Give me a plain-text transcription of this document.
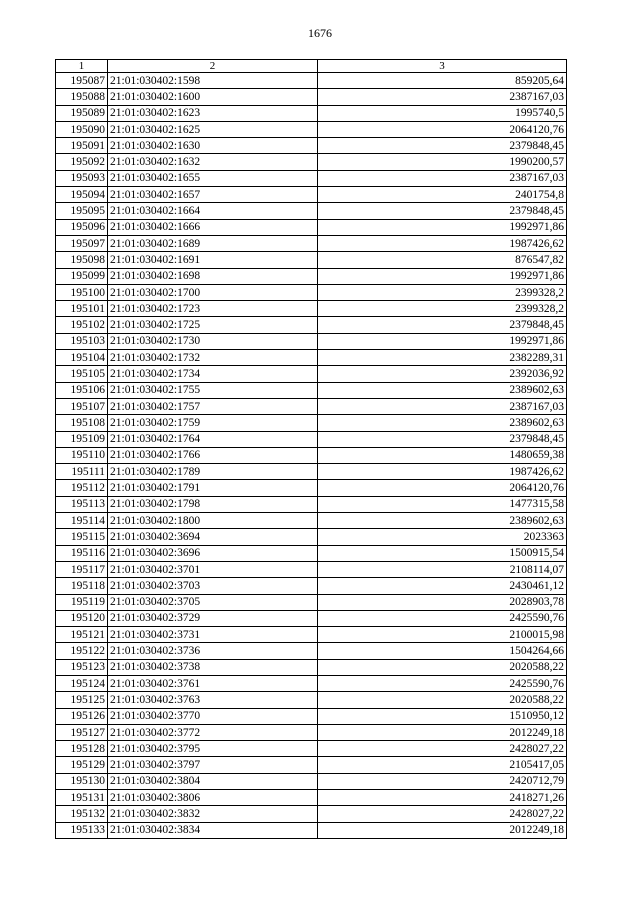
1676
1	2	3
195087	21:01:030402:1598	859205,64
195088	21:01:030402:1600	2387167,03
195089	21:01:030402:1623	1995740,5
195090	21:01:030402:1625	2064120,76
195091	21:01:030402:1630	2379848,45
195092	21:01:030402:1632	1990200,57
195093	21:01:030402:1655	2387167,03
195094	21:01:030402:1657	2401754,8
195095	21:01:030402:1664	2379848,45
195096	21:01:030402:1666	1992971,86
195097	21:01:030402:1689	1987426,62
195098	21:01:030402:1691	876547,82
195099	21:01:030402:1698	1992971,86
195100	21:01:030402:1700	2399328,2
195101	21:01:030402:1723	2399328,2
195102	21:01:030402:1725	2379848,45
195103	21:01:030402:1730	1992971,86
195104	21:01:030402:1732	2382289,31
195105	21:01:030402:1734	2392036,92
195106	21:01:030402:1755	2389602,63
195107	21:01:030402:1757	2387167,03
195108	21:01:030402:1759	2389602,63
195109	21:01:030402:1764	2379848,45
195110	21:01:030402:1766	1480659,38
195111	21:01:030402:1789	1987426,62
195112	21:01:030402:1791	2064120,76
195113	21:01:030402:1798	1477315,58
195114	21:01:030402:1800	2389602,63
195115	21:01:030402:3694	2023363
195116	21:01:030402:3696	1500915,54
195117	21:01:030402:3701	2108114,07
195118	21:01:030402:3703	2430461,12
195119	21:01:030402:3705	2028903,78
195120	21:01:030402:3729	2425590,76
195121	21:01:030402:3731	2100015,98
195122	21:01:030402:3736	1504264,66
195123	21:01:030402:3738	2020588,22
195124	21:01:030402:3761	2425590,76
195125	21:01:030402:3763	2020588,22
195126	21:01:030402:3770	1510950,12
195127	21:01:030402:3772	2012249,18
195128	21:01:030402:3795	2428027,22
195129	21:01:030402:3797	2105417,05
195130	21:01:030402:3804	2420712,79
195131	21:01:030402:3806	2418271,26
195132	21:01:030402:3832	2428027,22
195133	21:01:030402:3834	2012249,18
